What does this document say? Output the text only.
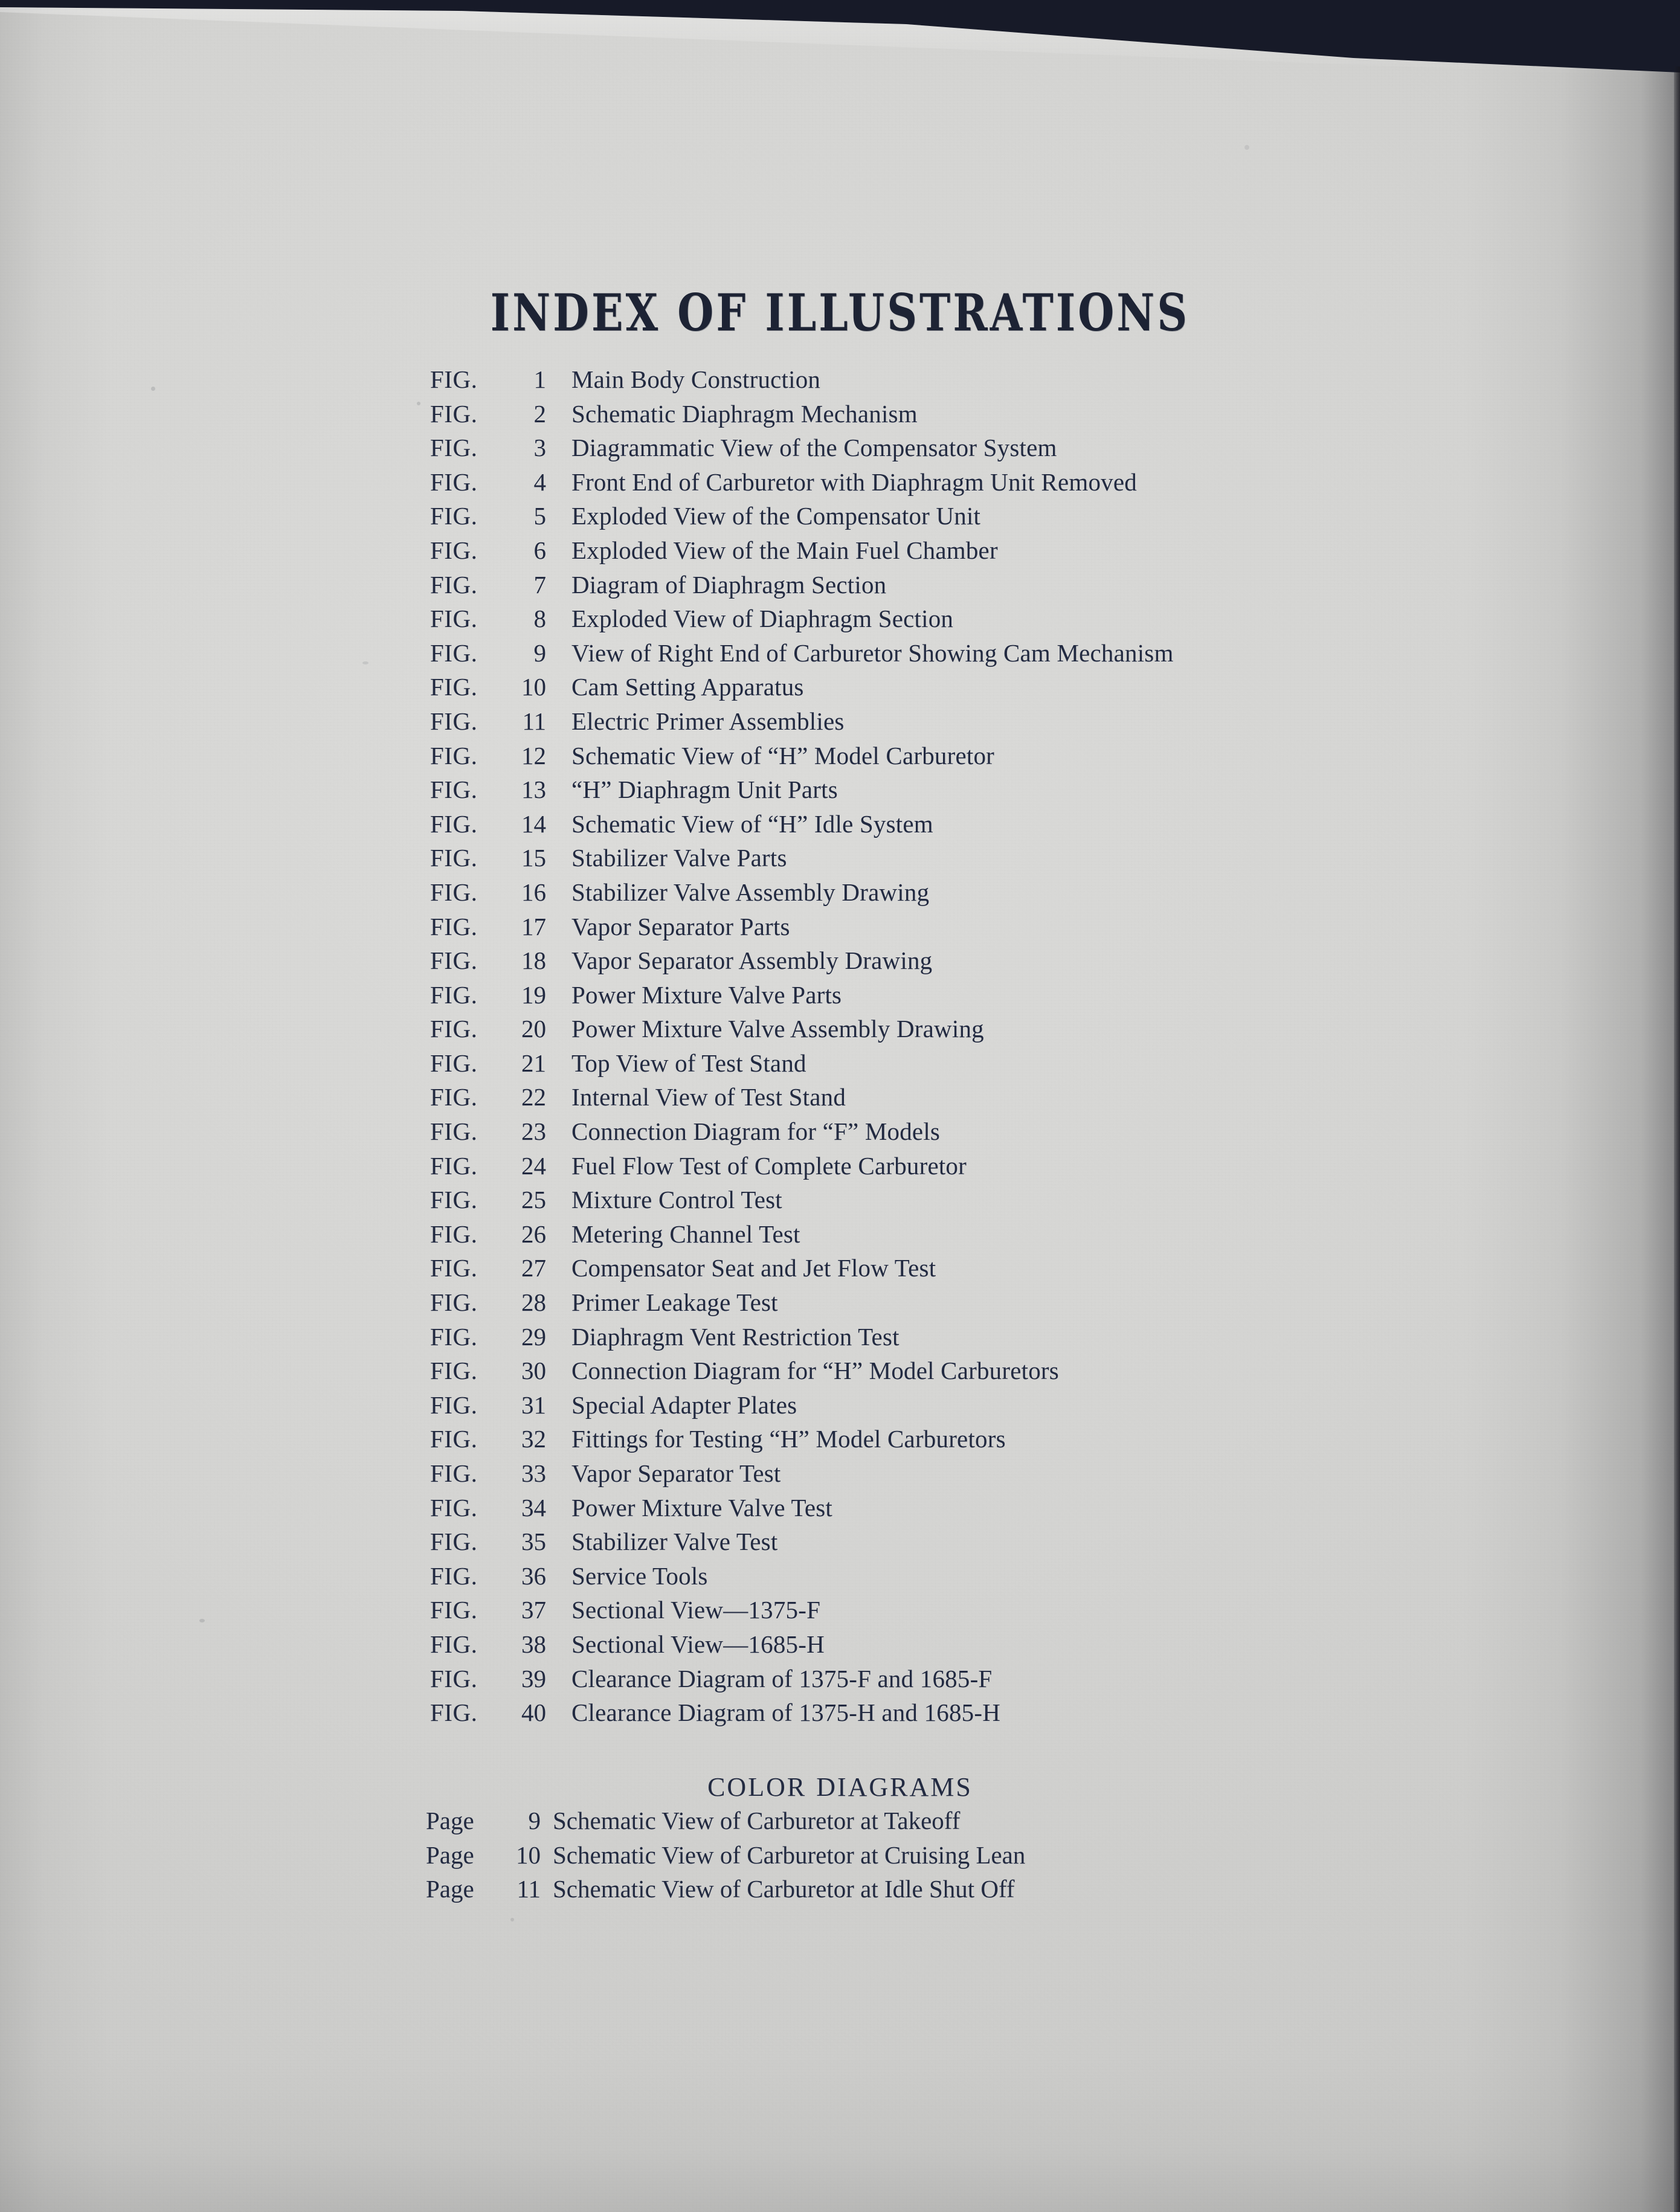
INDEX OF ILLUSTRATIONS
FIG.	1	Main Body Construction
FIG.	2	Schematic Diaphragm Mechanism
FIG.	3	Diagrammatic View of the Compensator System
FIG.	4	Front End of Carburetor with Diaphragm Unit Removed
FIG.	5	Exploded View of the Compensator Unit
FIG.	6	Exploded View of the Main Fuel Chamber
FIG.	7	Diagram of Diaphragm Section
FIG.	8	Exploded View of Diaphragm Section
FIG.	9	View of Right End of Carburetor Showing Cam Mechanism
FIG.	10	Cam Setting Apparatus
FIG.	11	Electric Primer Assemblies
FIG.	12	Schematic View of “H” Model Carburetor
FIG.	13	“H” Diaphragm Unit Parts
FIG.	14	Schematic View of “H” Idle System
FIG.	15	Stabilizer Valve Parts
FIG.	16	Stabilizer Valve Assembly Drawing
FIG.	17	Vapor Separator Parts
FIG.	18	Vapor Separator Assembly Drawing
FIG.	19	Power Mixture Valve Parts
FIG.	20	Power Mixture Valve Assembly Drawing
FIG.	21	Top View of Test Stand
FIG.	22	Internal View of Test Stand
FIG.	23	Connection Diagram for “F” Models
FIG.	24	Fuel Flow Test of Complete Carburetor
FIG.	25	Mixture Control Test
FIG.	26	Metering Channel Test
FIG.	27	Compensator Seat and Jet Flow Test
FIG.	28	Primer Leakage Test
FIG.	29	Diaphragm Vent Restriction Test
FIG.	30	Connection Diagram for “H” Model Carburetors
FIG.	31	Special Adapter Plates
FIG.	32	Fittings for Testing “H” Model Carburetors
FIG.	33	Vapor Separator Test
FIG.	34	Power Mixture Valve Test
FIG.	35	Stabilizer Valve Test
FIG.	36	Service Tools
FIG.	37	Sectional View—1375-F
FIG.	38	Sectional View—1685-H
FIG.	39	Clearance Diagram of 1375-F and 1685-F
FIG.	40	Clearance Diagram of 1375-H and 1685-H
COLOR DIAGRAMS
Page	9 Schematic View of Carburetor at Takeoff
Page	10 Schematic View of Carburetor at Cruising Lean
Page	11 Schematic View of Carburetor at Idle Shut Off
